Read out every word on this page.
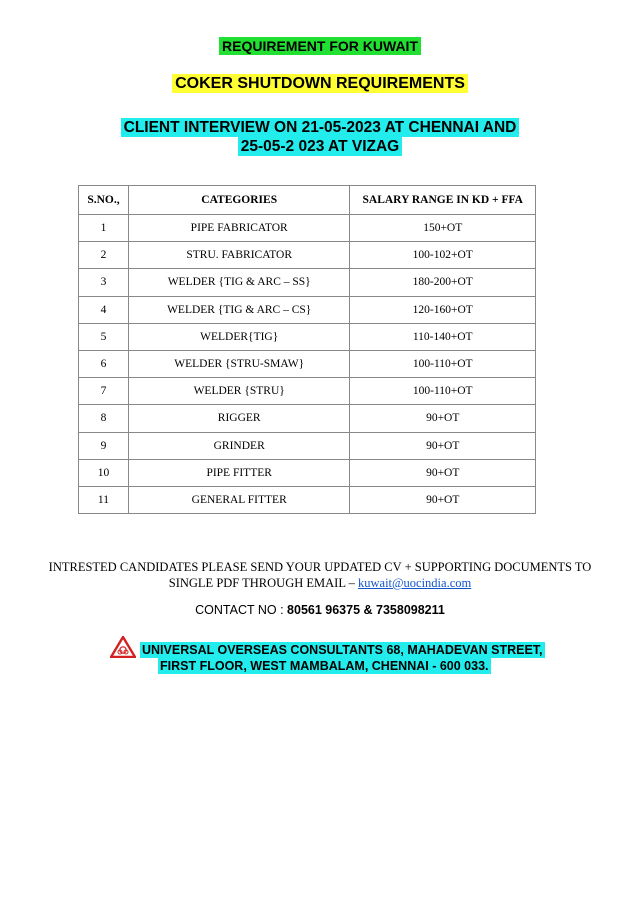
REQUIREMENT FOR KUWAIT
COKER SHUTDOWN REQUIREMENTS
CLIENT INTERVIEW ON 21-05-2023 AT CHENNAI AND
25-05-2 023 AT VIZAG
S.NO.,	CATEGORIES	SALARY RANGE IN KD + FFA
1	PIPE FABRICATOR	150+OT
2	STRU. FABRICATOR	100-102+OT
3	WELDER {TIG & ARC – SS}	180-200+OT
4	WELDER {TIG & ARC – CS}	120-160+OT
5	WELDER{TIG}	110-140+OT
6	WELDER {STRU-SMAW}	100-110+OT
7	WELDER {STRU}	100-110+OT
8	RIGGER	90+OT
9	GRINDER	90+OT
10	PIPE FITTER	90+OT
11	GENERAL FITTER	90+OT
INTRESTED CANDIDATES PLEASE SEND YOUR UPDATED CV + SUPPORTING DOCUMENTS TO
SINGLE PDF THROUGH EMAIL – kuwait@uocindia.com
CONTACT NO : 80561 96375 & 7358098211
UNIVERSAL OVERSEAS CONSULTANTS 68, MAHADEVAN STREET,
FIRST FLOOR, WEST MAMBALAM, CHENNAI - 600 033.
